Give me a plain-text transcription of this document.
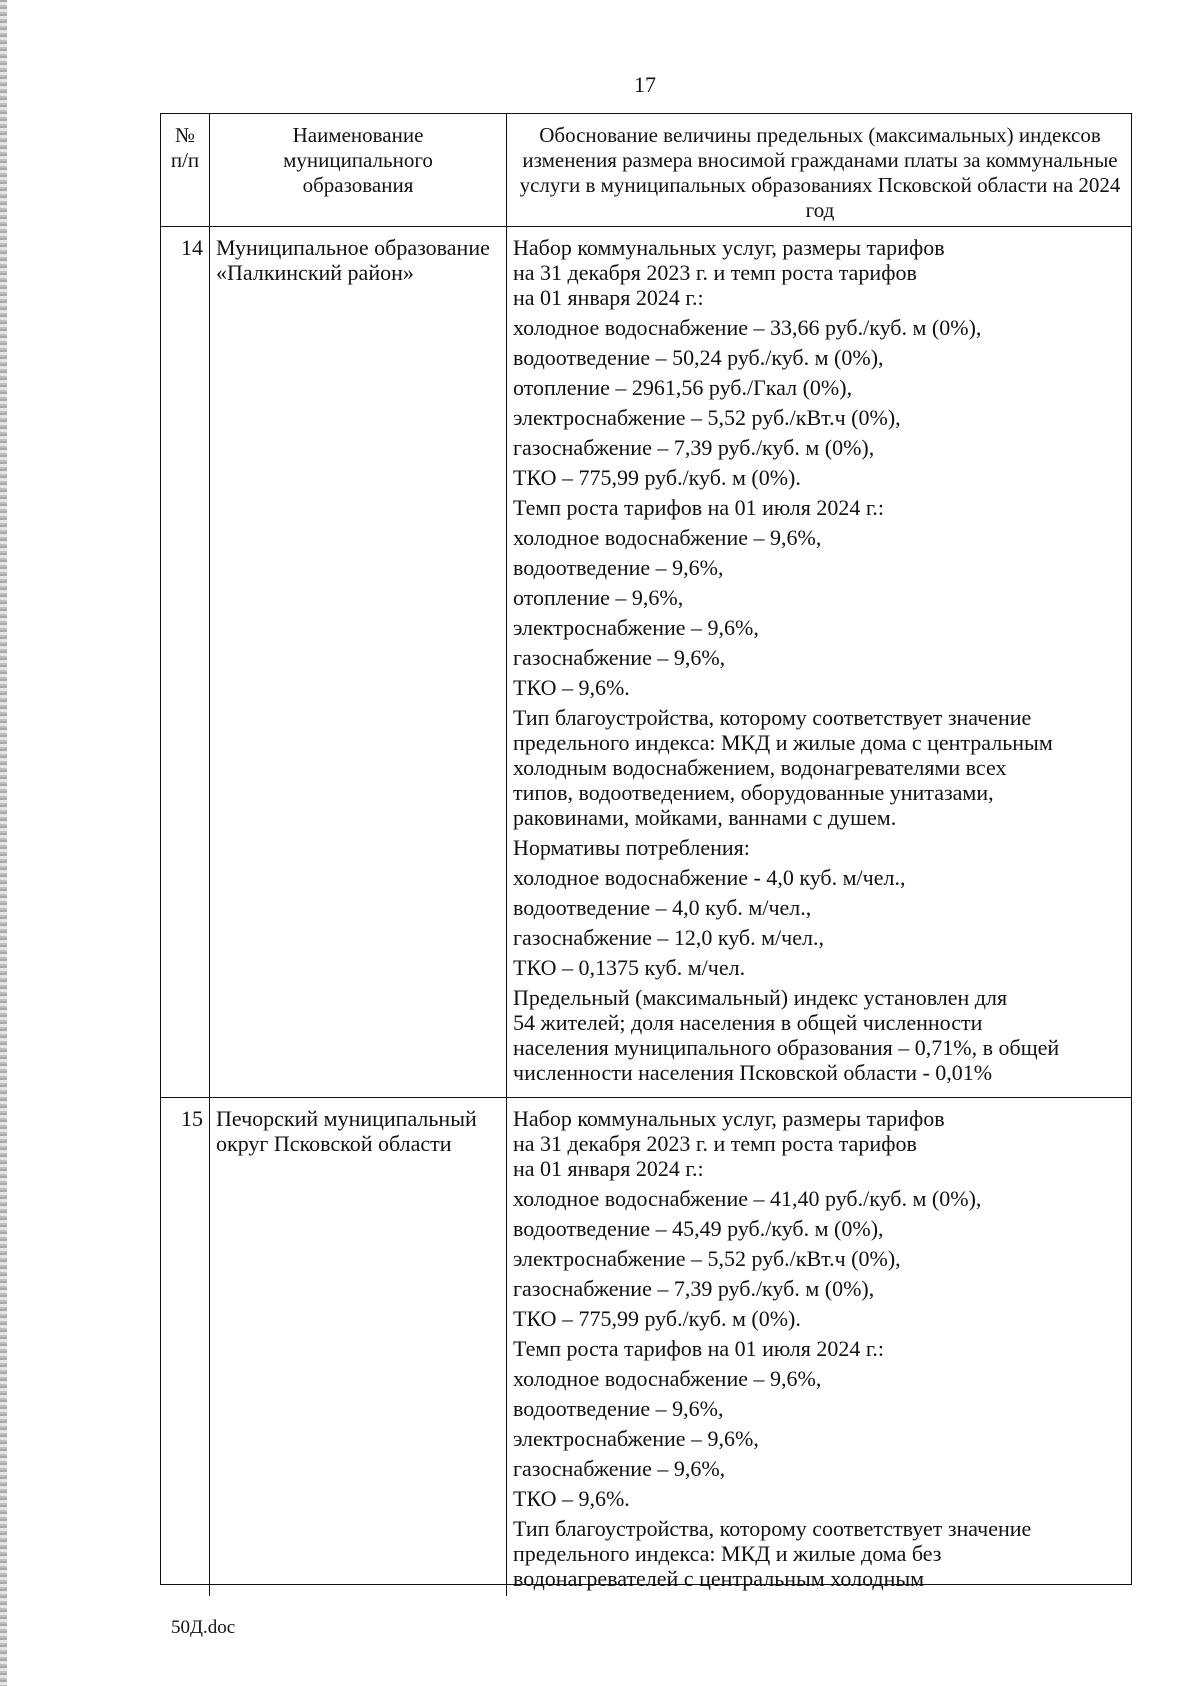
17
№ п/п
Наименование муниципального образования
Обоснование величины предельных (максимальных) индексов изменения размера вносимой гражданами платы за коммунальные услуги в муниципальных образованиях Псковской области на 2024 год
14 Муниципальное образование «Палкинский район»
Набор коммунальных услуг, размеры тарифов
на 31 декабря 2023 г. и темп роста тарифов
на 01 января 2024 г.:
холодное водоснабжение – 33,66 руб./куб. м (0%),
водоотведение – 50,24 руб./куб. м (0%),
отопление – 2961,56 руб./Гкал (0%),
электроснабжение – 5,52 руб./кВт.ч (0%),
газоснабжение – 7,39 руб./куб. м (0%),
ТКО – 775,99 руб./куб. м (0%).
Темп роста тарифов на 01 июля 2024 г.:
холодное водоснабжение – 9,6%,
водоотведение – 9,6%,
отопление – 9,6%,
электроснабжение – 9,6%,
газоснабжение – 9,6%,
ТКО – 9,6%.
Тип благоустройства, которому соответствует значение
предельного индекса: МКД и жилые дома с центральным
холодным водоснабжением, водонагревателями всех
типов, водоотведением, оборудованные унитазами,
раковинами, мойками, ваннами с душем.
Нормативы потребления:
холодное водоснабжение - 4,0 куб. м/чел.,
водоотведение – 4,0 куб. м/чел.,
газоснабжение – 12,0 куб. м/чел.,
ТКО – 0,1375 куб. м/чел.
Предельный (максимальный) индекс установлен для
54 жителей; доля населения в общей численности
населения муниципального образования – 0,71%, в общей
численности населения Псковской области - 0,01%
15 Печорский муниципальный округ Псковской области
Набор коммунальных услуг, размеры тарифов
на 31 декабря 2023 г. и темп роста тарифов
на 01 января 2024 г.:
холодное водоснабжение – 41,40 руб./куб. м (0%),
водоотведение – 45,49 руб./куб. м (0%),
электроснабжение – 5,52 руб./кВт.ч (0%),
газоснабжение – 7,39 руб./куб. м (0%),
ТКО – 775,99 руб./куб. м (0%).
Темп роста тарифов на 01 июля 2024 г.:
холодное водоснабжение – 9,6%,
водоотведение – 9,6%,
электроснабжение – 9,6%,
газоснабжение – 9,6%,
ТКО – 9,6%.
Тип благоустройства, которому соответствует значение
предельного индекса: МКД и жилые дома без
водонагревателей с центральным холодным
50Д.doc
